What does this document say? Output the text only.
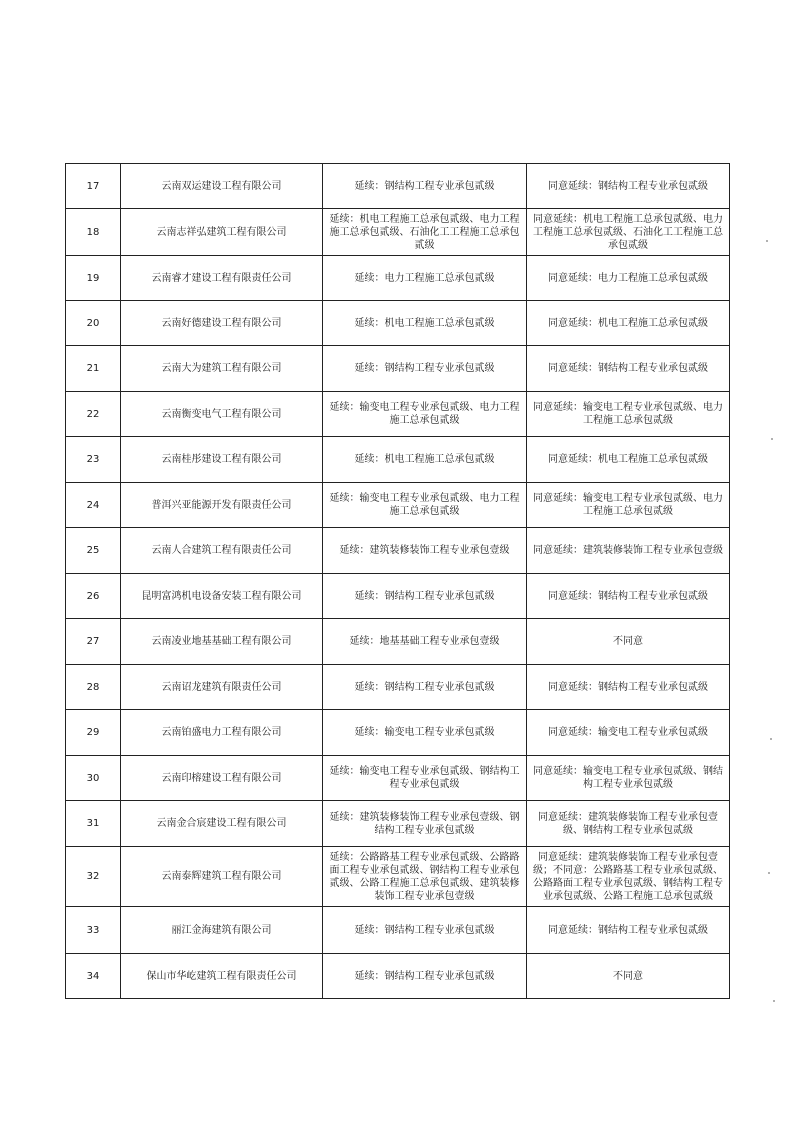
17	云南双运建设工程有限公司	延续：钢结构工程专业承包贰级	同意延续：钢结构工程专业承包贰级
18	云南志祥弘建筑工程有限公司	延续：机电工程施工总承包贰级、电力工程施工总承包贰级、石油化工工程施工总承包贰级	同意延续：机电工程施工总承包贰级、电力工程施工总承包贰级、石油化工工程施工总承包贰级
19	云南睿才建设工程有限责任公司	延续：电力工程施工总承包贰级	同意延续：电力工程施工总承包贰级
20	云南好德建设工程有限公司	延续：机电工程施工总承包贰级	同意延续：机电工程施工总承包贰级
21	云南大为建筑工程有限公司	延续：钢结构工程专业承包贰级	同意延续：钢结构工程专业承包贰级
22	云南衡变电气工程有限公司	延续：输变电工程专业承包贰级、电力工程施工总承包贰级	同意延续：输变电工程专业承包贰级、电力工程施工总承包贰级
23	云南桂彤建设工程有限公司	延续：机电工程施工总承包贰级	同意延续：机电工程施工总承包贰级
24	普洱兴亚能源开发有限责任公司	延续：输变电工程专业承包贰级、电力工程施工总承包贰级	同意延续：输变电工程专业承包贰级、电力工程施工总承包贰级
25	云南人合建筑工程有限责任公司	延续：建筑装修装饰工程专业承包壹级	同意延续：建筑装修装饰工程专业承包壹级
26	昆明富鸿机电设备安装工程有限公司	延续：钢结构工程专业承包贰级	同意延续：钢结构工程专业承包贰级
27	云南凌业地基基础工程有限公司	延续：地基基础工程专业承包壹级	不同意
28	云南诏龙建筑有限责任公司	延续：钢结构工程专业承包贰级	同意延续：钢结构工程专业承包贰级
29	云南铂盛电力工程有限公司	延续：输变电工程专业承包贰级	同意延续：输变电工程专业承包贰级
30	云南印榕建设工程有限公司	延续：输变电工程专业承包贰级、钢结构工程专业承包贰级	同意延续：输变电工程专业承包贰级、钢结构工程专业承包贰级
31	云南金合宸建设工程有限公司	延续：建筑装修装饰工程专业承包壹级、钢结构工程专业承包贰级	同意延续：建筑装修装饰工程专业承包壹级、钢结构工程专业承包贰级
32	云南泰辉建筑工程有限公司	延续：公路路基工程专业承包贰级、公路路面工程专业承包贰级、钢结构工程专业承包贰级、公路工程施工总承包贰级、建筑装修装饰工程专业承包壹级	同意延续：建筑装修装饰工程专业承包壹级；不同意：公路路基工程专业承包贰级、公路路面工程专业承包贰级、钢结构工程专业承包贰级、公路工程施工总承包贰级
33	丽江金海建筑有限公司	延续：钢结构工程专业承包贰级	同意延续：钢结构工程专业承包贰级
34	保山市华屹建筑工程有限责任公司	延续：钢结构工程专业承包贰级	不同意
